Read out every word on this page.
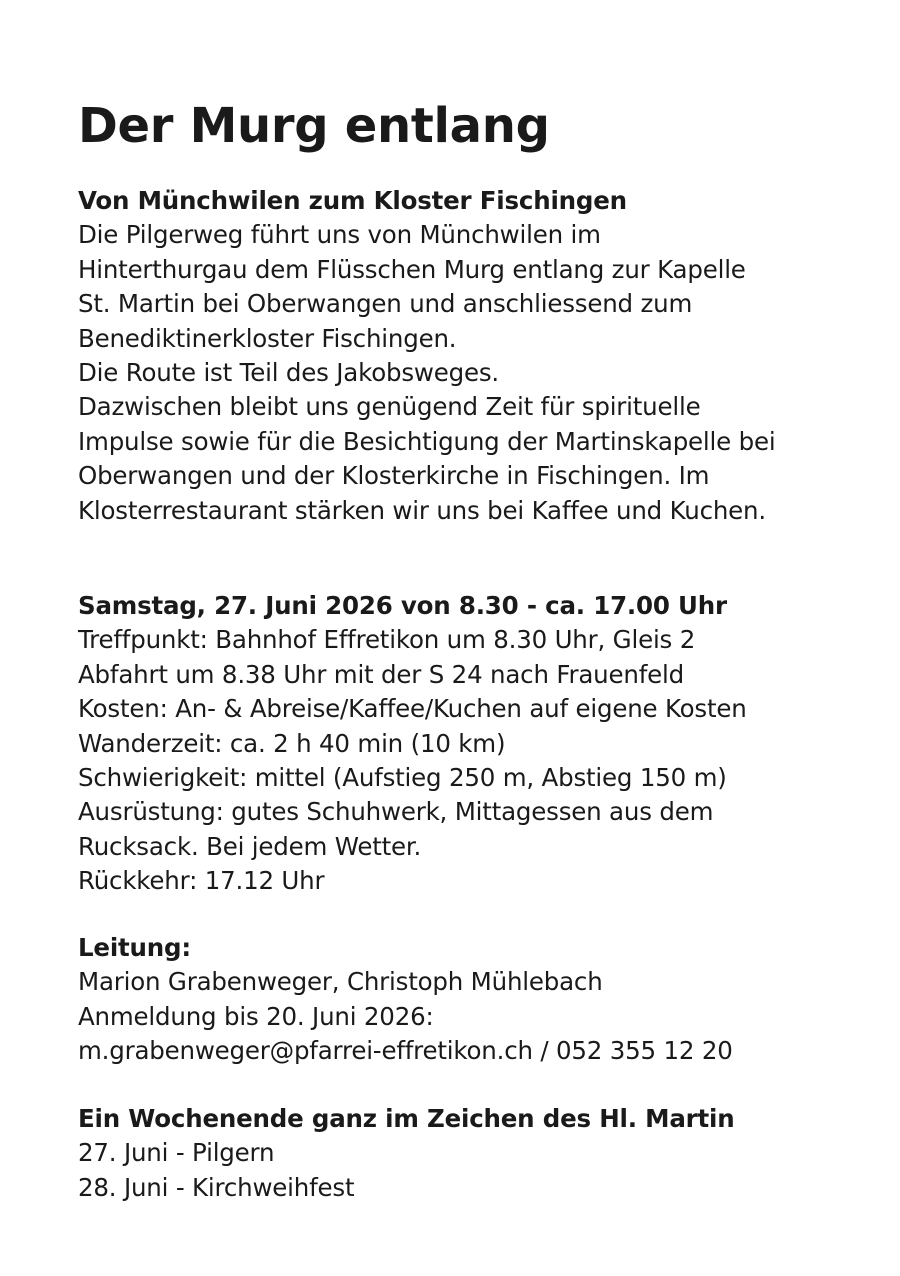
Der Murg entlang
Von Münchwilen zum Kloster Fischingen
Die Pilgerweg führt uns von Münchwilen im
Hinterthurgau dem Flüsschen Murg entlang zur Kapelle
St. Martin bei Oberwangen und anschliessend zum
Benediktinerkloster Fischingen.
Die Route ist Teil des Jakobsweges.
Dazwischen bleibt uns genügend Zeit für spirituelle
Impulse sowie für die Besichtigung der Martinskapelle bei
Oberwangen und der Klosterkirche in Fischingen. Im
Klosterrestaurant stärken wir uns bei Kaffee und Kuchen.
Samstag, 27. Juni 2026 von 8.30 - ca. 17.00 Uhr
Treffpunkt: Bahnhof Effretikon um 8.30 Uhr, Gleis 2
Abfahrt um 8.38 Uhr mit der S 24 nach Frauenfeld
Kosten: An- & Abreise/Kaffee/Kuchen auf eigene Kosten
Wanderzeit: ca. 2 h 40 min (10 km)
Schwierigkeit: mittel (Aufstieg 250 m, Abstieg 150 m)
Ausrüstung: gutes Schuhwerk, Mittagessen aus dem
Rucksack. Bei jedem Wetter.
Rückkehr: 17.12 Uhr
Leitung:
Marion Grabenweger, Christoph Mühlebach
Anmeldung bis 20. Juni 2026:
m.grabenweger@pfarrei-effretikon.ch / 052 355 12 20
Ein Wochenende ganz im Zeichen des Hl. Martin
27. Juni - Pilgern
28. Juni - Kirchweihfest
